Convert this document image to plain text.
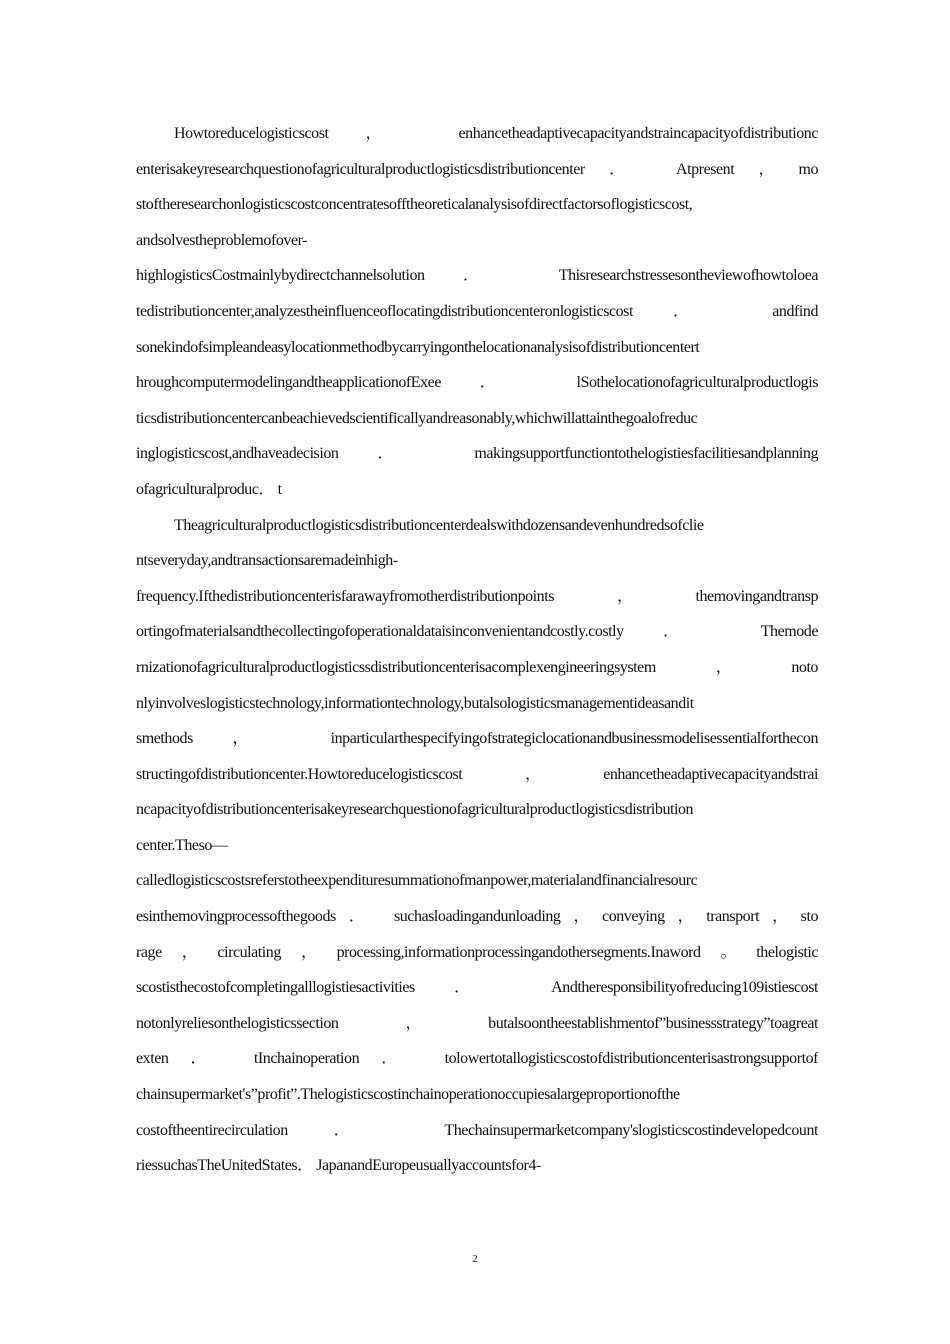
Howtoreducelogisticscost， enhancetheadaptivecapacityandstraincapacityofdistributionc
enterisakeyresearchquestionofagriculturalproductlogisticsdistributioncenter． Atpresent，mo
stoftheresearchonlogisticscostconcentratesofftheoreticalanalysisofdirectfactorsoflogisticscost,
andsolvestheproblemofover-
highlogisticsCostmainlybydirectchannelsolution． Thisresearchstressesontheviewofhowtoloea
tedistributioncenter,analyzestheinfluenceoflocatingdistributioncenteronlogisticscost． andfind
sonekindofsimpleandeasylocationmethodbycarryingonthelocationanalysisofdistributioncentert
hroughcomputermodelingandtheapplicationofExee． lSothelocationofagriculturalproductlogis
ticsdistributioncentercanbeachievedscientificallyandreasonably,whichwillattainthegoalofreduc
inglogisticscost,andhaveadecision． makingsupportfunctiontothelogistiesfacilitiesandplanning
ofagriculturalproduc． t
Theagriculturalproductlogisticsdistributioncenterdealswithdozensandevenhundredsofclie
ntseveryday,andtransactionsaremadeinhigh-
frequency.Ifthedistributioncenterisfarawayfromotherdistributionpoints，themovingandtransp
ortingofmaterialsandthecollectingofoperationaldataisinconvenientandcostly.costly． Themode
rnizationofagriculturalproductlogisticssdistributioncenterisacomplexengineeringsystem，noto
nlyinvolveslogisticstechnology,informationtechnology,butalsologisticsmanagementideasandit
smethods， inparticularthespecifyingofstrategiclocationandbusinessmodelisessentialforthecon
structingofdistributioncenter.Howtoreducelogisticscost，enhancetheadaptivecapacityandstrai
ncapacityofdistributioncenterisakeyresearchquestionofagriculturalproductlogisticsdistribution
center.Theso—
calledlogisticscostsreferstotheexpendituresummationofmanpower,materialandfinancialresourc
esinthemovingprocessofthegoods． suchasloadingandunloading，conveying，transport，sto
rage，circulating，processing,informationprocessingandothersegments.Inaword。thelogistic
scostisthecostofcompletingalllogistiesactivities． Andtheresponsibilityofreducing109istiescost
notonlyreliesonthelogisticssection，butalsoontheestablishmentof”businessstrategy”toagreat
exten． tInchainoperation． tolowertotallogisticscostofdistributioncenterisastrongsupportof
chainsupermarket's”profit”.Thelogisticscostinchainoperationoccupiesalargeproportionofthe
costoftheentirecirculation． Thechainsupermarketcompany'slogisticscostindevelopedcount
riessuchasTheUnitedStates． JapanandEuropeusuallyaccountsfor4-
2
